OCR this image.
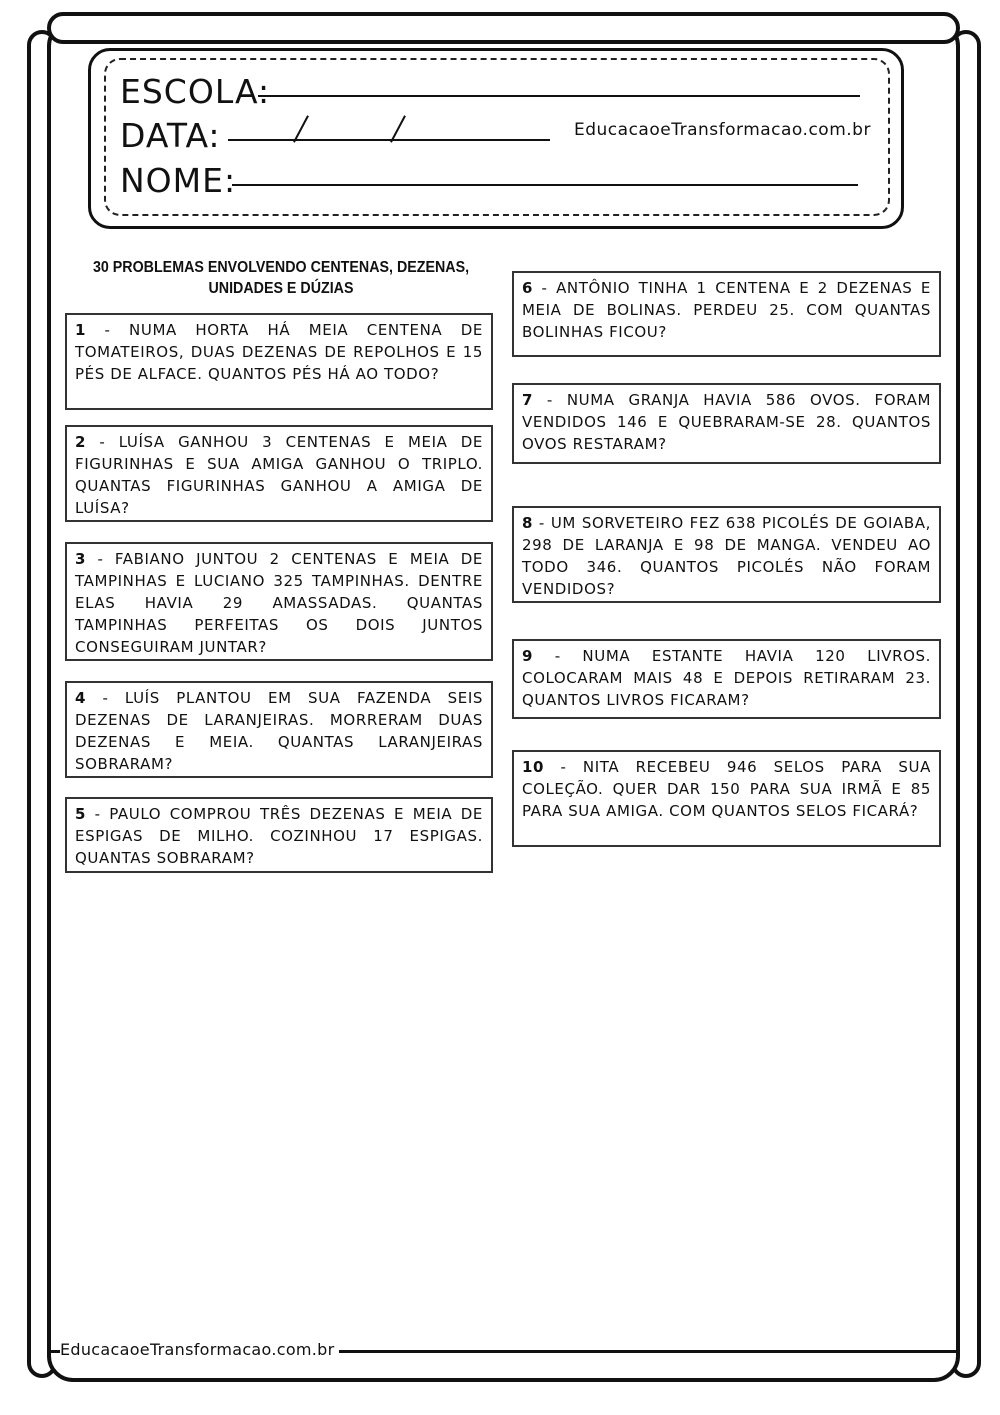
ESCOLA:
DATA:	EducacaoeTransformacao.com.br
NOME:
30 PROBLEMAS ENVOLVENDO CENTENAS, DEZENAS,
UNIDADES E DÚZIAS
1 - NUMA HORTA HÁ MEIA CENTENA DE TOMATEIROS, DUAS DEZENAS DE REPOLHOS E 15 PÉS DE ALFACE. QUANTOS PÉS HÁ AO TODO?
2 - LUÍSA GANHOU 3 CENTENAS E MEIA DE FIGURINHAS E SUA AMIGA GANHOU O TRIPLO. QUANTAS FIGURINHAS GANHOU A AMIGA DE LUÍSA?
3 - FABIANO JUNTOU 2 CENTENAS E MEIA DE TAMPINHAS E LUCIANO 325 TAMPINHAS. DENTRE ELAS HAVIA 29 AMASSADAS. QUANTAS TAMPINHAS PERFEITAS OS DOIS JUNTOS CONSEGUIRAM JUNTAR?
4 - LUÍS PLANTOU EM SUA FAZENDA SEIS DEZENAS DE LARANJEIRAS. MORRERAM DUAS DEZENAS E MEIA. QUANTAS LARANJEIRAS SOBRARAM?
5 - PAULO COMPROU TRÊS DEZENAS E MEIA DE ESPIGAS DE MILHO. COZINHOU 17 ESPIGAS. QUANTAS SOBRARAM?
6 - ANTÔNIO TINHA 1 CENTENA E 2 DEZENAS E MEIA DE BOLINAS. PERDEU 25. COM QUANTAS BOLINHAS FICOU?
7 - NUMA GRANJA HAVIA 586 OVOS. FORAM VENDIDOS 146 E QUEBRARAM-SE 28. QUANTOS OVOS RESTARAM?
8 - UM SORVETEIRO FEZ 638 PICOLÉS DE GOIABA, 298 DE LARANJA E 98 DE MANGA. VENDEU AO TODO 346. QUANTOS PICOLÉS NÃO FORAM VENDIDOS?
9 - NUMA ESTANTE HAVIA 120 LIVROS. COLOCARAM MAIS 48 E DEPOIS RETIRARAM 23. QUANTOS LIVROS FICARAM?
10 - NITA RECEBEU 946 SELOS PARA SUA COLEÇÃO. QUER DAR 150 PARA SUA IRMÃ E 85 PARA SUA AMIGA. COM QUANTOS SELOS FICARÁ?
EducacaoeTransformacao.com.br
